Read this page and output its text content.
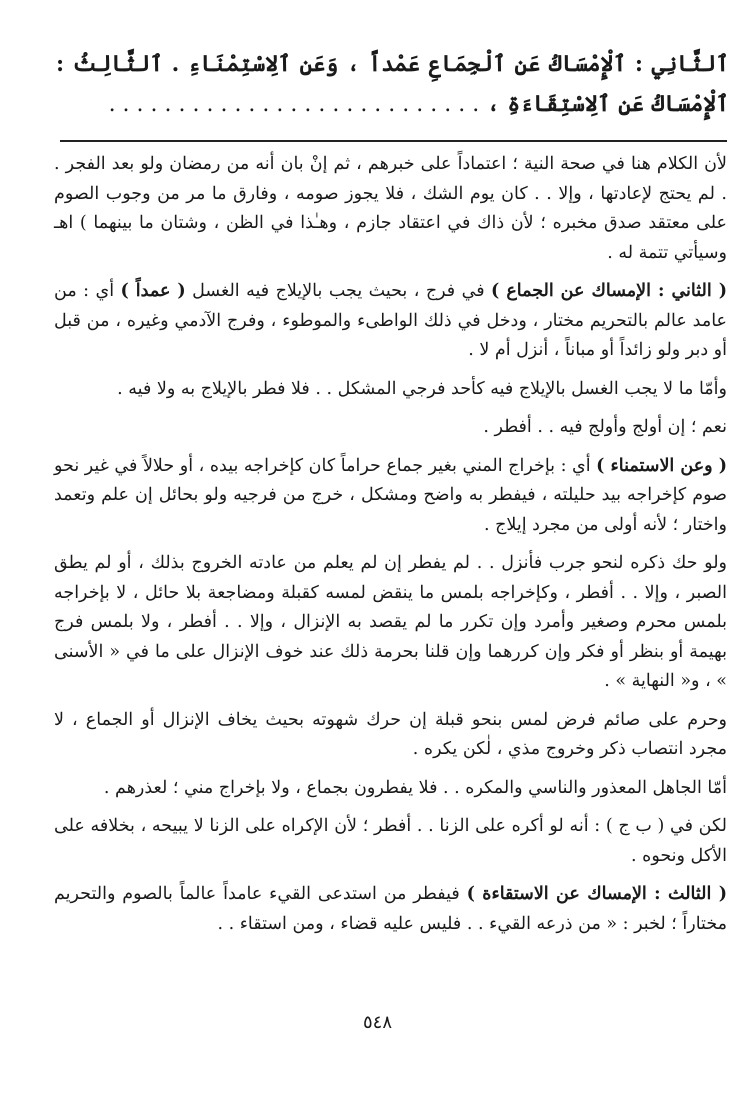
ٱلثَّانِي : ٱلْإِمْسَاكُ عَنِ ٱلْجِمَاعِ عَمْداً ، وَعَنِ ٱلِاسْتِمْنَاءِ . ٱلثَّالِثُ : ٱلْإِمْسَاكُ عَنِ ٱلِاسْتِقَاءَةِ ، . . . . . . . . . . . . . . . . . . . . . . . . . . .

لأن الكلام هنا في صحة النية ؛ اعتماداً على خبرهم ، ثم إنْ بان أنه من رمضان ولو بعد الفجر . . لم يحتج لإعادتها ، وإلا . . كان يوم الشك ، فلا يجوز صومه ، وفارق ما مر من وجوب الصوم على معتقد صدق مخبره ؛ لأن ذاك في اعتقاد جازم ، وهـٰذا في الظن ، وشتان ما بينهما ) اهـ وسيأتي تتمة له .

( الثاني : الإمساك عن الجماع ) في فرج ، بحيث يجب بالإيلاج فيه الغسل ( عمداً ) أي : من عامد عالم بالتحريم مختار ، ودخل في ذلك الواطىء والموطوء ، وفرج الآدمي وغيره ، من قبل أو دبر ولو زائداً أو مباناً ، أنزل أم لا .

وأمّا ما لا يجب الغسل بالإيلاج فيه كأحد فرجي المشكل . . فلا فطر بالإيلاج به ولا فيه .

نعم ؛ إن أولج وأولج فيه . . أفطر .

( وعن الاستمناء ) أي : بإخراج المني بغير جماع حراماً كان كإخراجه بيده ، أو حلالاً في غير نحو صوم كإخراجه بيد حليلته ، فيفطر به واضح ومشكل ، خرج من فرجيه ولو بحائل إن علم وتعمد واختار ؛ لأنه أولى من مجرد إيلاج .

ولو حك ذكره لنحو جرب فأنزل . . لم يفطر إن لم يعلم من عادته الخروج بذلك ، أو لم يطق الصبر ، وإلا . . أفطر ، وكإخراجه بلمس ما ينقض لمسه كقبلة ومضاجعة بلا حائل ، لا بإخراجه بلمس محرم وصغير وأمرد وإن تكرر ما لم يقصد به الإنزال ، وإلا . . أفطر ، ولا بلمس فرج بهيمة أو بنظر أو فكر وإن كررهما وإن قلنا بحرمة ذلك عند خوف الإنزال على ما في « الأسنى » ، و« النهاية » .

وحرم على صائم فرض لمس بنحو قبلة إن حرك شهوته بحيث يخاف الإنزال أو الجماع ، لا مجرد انتصاب ذكر وخروج مذي ، لٰكن يكره .

أمّا الجاهل المعذور والناسي والمكره . . فلا يفطرون بجماع ، ولا بإخراج مني ؛ لعذرهم .

لكن في ( ب ج ) : أنه لو أكره على الزنا . . أفطر ؛ لأن الإكراه على الزنا لا يبيحه ، بخلافه على الأكل ونحوه .

( الثالث : الإمساك عن الاستقاءة ) فيفطر من استدعى القيء عامداً عالماً بالصوم والتحريم مختاراً ؛ لخبر : « من ذرعه القيء . . فليس عليه قضاء ، ومن استقاء . .

٥٤٨
